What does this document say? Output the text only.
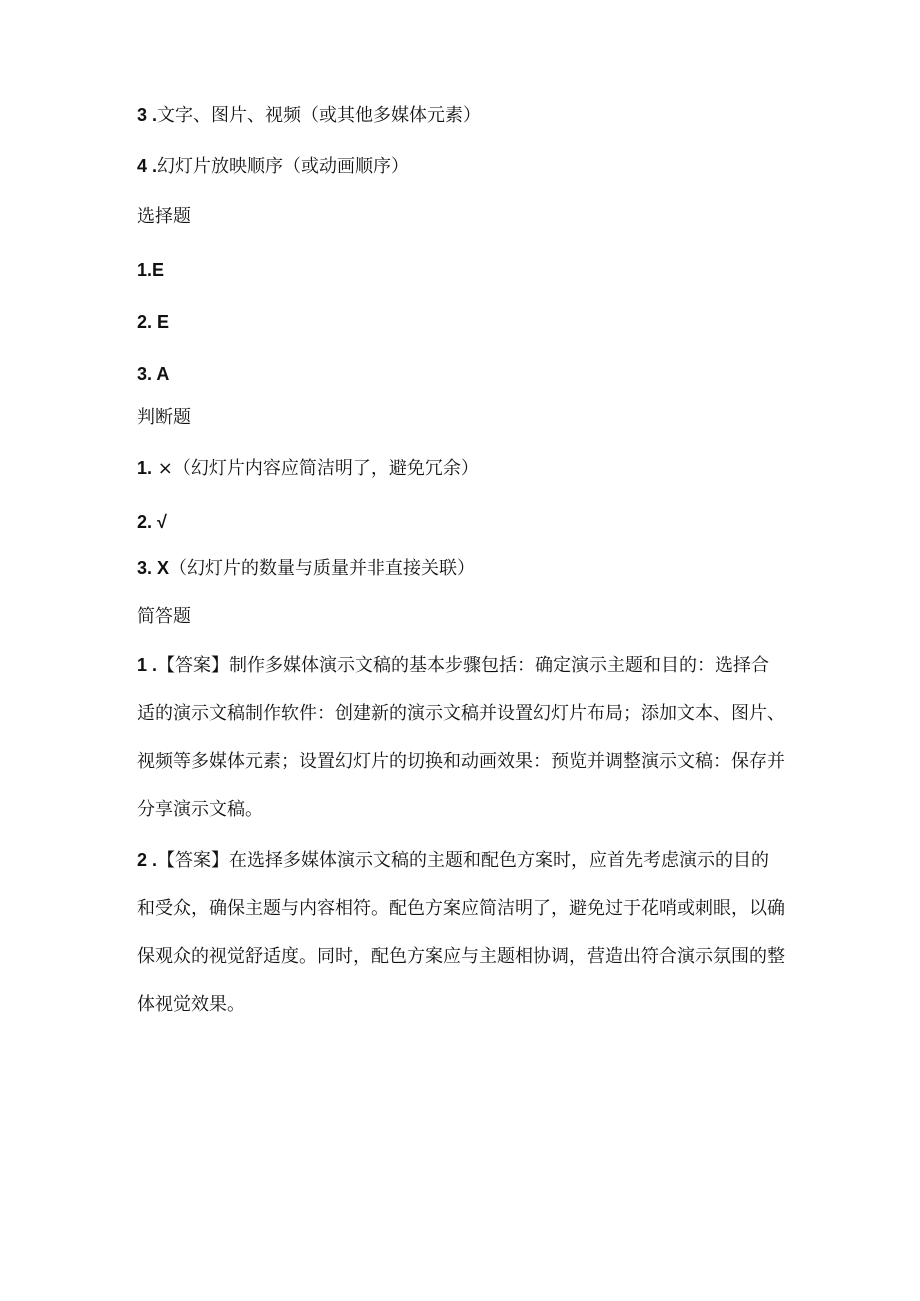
3 .文字、图片、视频（或其他多媒体元素）
4 .幻灯片放映顺序（或动画顺序）
选择题
1.E
2. E
3. A
判断题
1. ×（幻灯片内容应简洁明了，避免冗余）
2. √
3. X（幻灯片的数量与质量并非直接关联）
简答题
1 .【答案】制作多媒体演示文稿的基本步骤包括：确定演示主题和目的：选择合适的演示文稿制作软件：创建新的演示文稿并设置幻灯片布局；添加文本、图片、视频等多媒体元素；设置幻灯片的切换和动画效果：预览并调整演示文稿：保存并分享演示文稿。
2 .【答案】在选择多媒体演示文稿的主题和配色方案时，应首先考虑演示的目的和受众，确保主题与内容相符。配色方案应简洁明了，避免过于花哨或刺眼，以确保观众的视觉舒适度。同时，配色方案应与主题相协调，营造出符合演示氛围的整体视觉效果。
